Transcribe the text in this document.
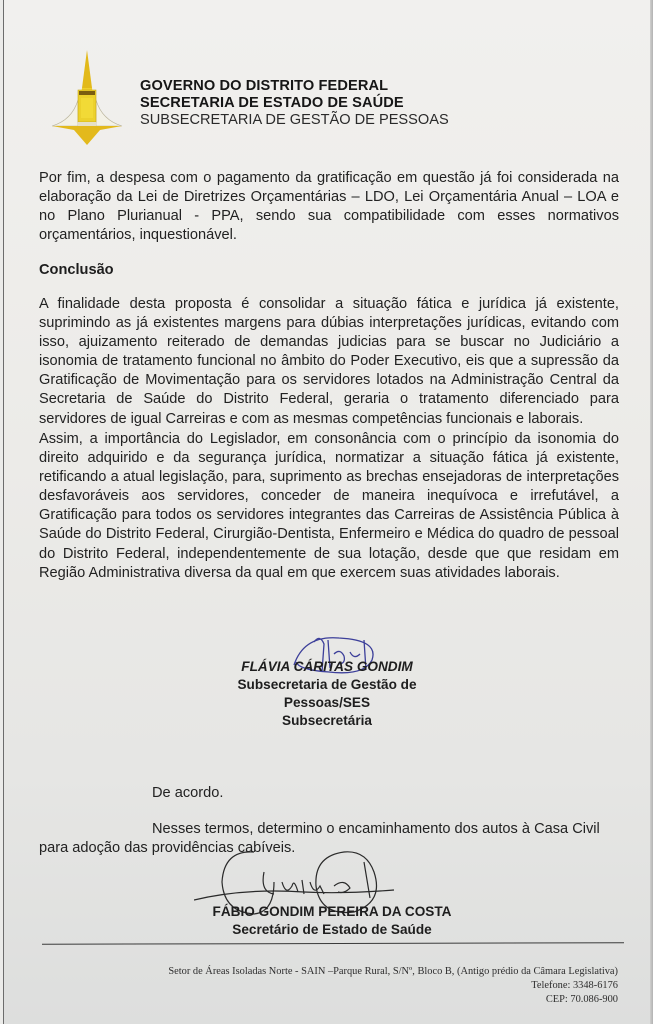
GOVERNO DO DISTRITO FEDERAL
SECRETARIA DE ESTADO DE SAÚDE
SUBSECRETARIA DE GESTÃO DE PESSOAS
Por fim, a despesa com o pagamento da gratificação em questão já foi considerada na elaboração da Lei de Diretrizes Orçamentárias – LDO, Lei Orçamentária Anual – LOA e no Plano Plurianual - PPA, sendo sua compatibilidade com esses normativos orçamentários, inquestionável.
Conclusão
A finalidade desta proposta é consolidar a situação fática e jurídica já existente, suprimindo as já existentes margens para dúbias interpretações jurídicas, evitando com isso, ajuizamento reiterado de demandas judicias para se buscar no Judiciário a isonomia de tratamento funcional no âmbito do Poder Executivo, eis que a supressão da Gratificação de Movimentação para os servidores lotados na Administração Central da Secretaria de Saúde do Distrito Federal, geraria o tratamento diferenciado para servidores de igual Carreiras e com as mesmas competências funcionais e laborais.
Assim, a importância do Legislador, em consonância com o princípio da isonomia do direito adquirido e da segurança jurídica, normatizar a situação fática já existente, retificando a atual legislação, para, suprimento as brechas ensejadoras de interpretações desfavoráveis aos servidores, conceder de maneira inequívoca e irrefutável, a Gratificação para todos os servidores integrantes das Carreiras de Assistência Pública à Saúde do Distrito Federal, Cirurgião-Dentista, Enfermeiro e Médica do quadro de pessoal do Distrito Federal, independentemente de sua lotação, desde que que residam em Região Administrativa diversa da qual em que exercem suas atividades laborais.
FLÁVIA CÁRITAS GONDIM
Subsecretaria de Gestão de Pessoas/SES
Subsecretária
De acordo.
Nesses termos, determino o encaminhamento dos autos à Casa Civil
para adoção das providências cabíveis.
FÁBIO GONDIM PEREIRA DA COSTA
Secretário de Estado de Saúde
Setor de Áreas Isoladas Norte - SAIN –Parque Rural, S/Nº, Bloco B, (Antigo prédio da Câmara Legislativa)
Telefone: 3348-6176
CEP: 70.086-900
